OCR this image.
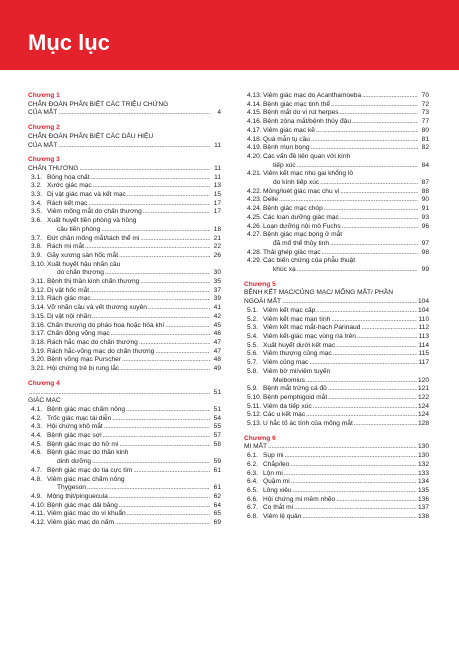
Mục lục
Chương 1
CHẨN ĐOÁN PHÂN BIỆT CÁC TRIỆU CHỨNG
CỦA MẮT .....	4
Chương 2
CHẨN ĐOÁN PHÂN BIỆT CÁC DẤU HIỆU
CỦA MẮT .....	11
Chương 3
CHẤN THƯƠNG .....	11
3.1. Bỏng hóa chất .....	11
3.2. Xước giác mạc .....	13
3.3. Dị vật giác mạc và kết mạc .....	15
3.4. Rách kết mạc .....	17
3.5. Viêm mống mắt do chấn thương .....	17
3.6. Xuất huyết tiền phòng và hồng
cầu tiền phòng .....	18
3.7. Đứt chân mống mắt/tách thể mi .....	21
3.8. Rách mi mắt .....	22
3.9. Gãy xương sàn hốc mắt .....	26
3.10.Xuất huyết hậu nhãn cầu
do chấn thương .....	30
3.11. Bệnh thị thần kinh chấn thương .....	35
3.12.Dị vật hốc mắt .....	37
3.13.Rách giác mạc .....	39
3.14.Vỡ nhãn cầu và vết thương xuyên .....	41
3.15.Dị vật nội nhãn .....	42
3.16.Chấn thương do pháo hoa hoặc hóa khí .....	45
3.17.Chấn động võng mạc .....	46
3.18.Rách hắc mạc do chấn thương .....	47
3.19.Rách hắc-võng mạc do chấn thương .....	47
3.20.Bệnh võng mạc Purscher .....	48
3.21.Hội chứng trẻ bị rung lắc .....	49
Chương 4
.....
51
GIÁC MẠC
4.1. Bệnh giác mạc chấm nông .....	51
4.2. Trốc giác mạc tái diễn .....	54
4.3. Hội chứng khô mắt .....	55
4.4. Bệnh giác mạc sợi .....	57
4.5. Bệnh giác mạc do hở mi .....	58
4.6. Bệnh giác mạc do thần kinh
dinh dưỡng .....	59
4.7. Bệnh giác mạc do tia cực tím .....	61
4.8. Viêm giác mạc chấm nông
Thygeson .....	61
4.9. Mộng thịt/pinguecula .....	62
4.10.Bệnh giác mạc dải băng .....	64
4.11. Viêm giác mạc do vi khuẩn .....	65
4.12.Viêm giác mạc do nấm .....	69
4.13.Viêm giác mạc do Acanthamoeba .....	70
4.14.Bệnh giác mạc tinh thể .....	72
4.15.Bệnh mắt do vi rút herpes .....	73
4.16.Bệnh zôna mắt/bệnh thủy đậu .....	77
4.17.Viêm giác mạc kẽ .....	80
4.18.Quá mẫn tụ cầu .....	81
4.19.Bệnh mụn bọng .....	82
4.20.Các vấn đề liên quan với kính
tiếp xúc .....	84
4.21.Viêm kết mạc nhú gai khổng lồ
do kính tiếp xúc .....	87
4.22.Mỏng/loét giác mạc chu vi .....	88
4.23.Delle .....	90
4.24.Bệnh giác mạc chóp .....	91
4.25.Các loạn dưỡng giác mạc .....	93
4.26.Loạn dưỡng nội mô Fuchs .....	96
4.27.Bệnh giác mạc bọng ở mắt
đã mổ thể thủy tinh .....	97
4.28.Thải ghép giác mạc .....	98
4.29.Các biến chứng của phẫu thuật
khúc xạ .....	99
Chương 5
BỆNH KẾT MẠC/CỦNG MẠC/ MỐNG MẮT/ PHẦN
NGOÀI MẮT .....	104
5.1. Viêm kết mạc cấp .....	104
5.2. Viêm kết mạc mạn tính .....	110
5.3. Viêm kết mạc mắt-hạch Parinaud .....	112
5.4. Viêm kết-giác mạc vùng rìa trên .....	113
5.5. Xuất huyết dưới kết mạc .....	114
5.6. Viêm thượng củng mạc .....	115
5.7. Viêm củng mạc .....	117
5.8. Viêm bờ mi/viêm tuyến
Meibomius .....	120
5.9. Bệnh mắt trứng cá đỏ .....	121
5.10.Bệnh pemphigoid mắt .....	122
5.11. Viêm da tiếp xúc .....	124
5.12.Các u kết mạc .....	124
5.13.U hắc tố ác tính của mống mắt .....	128
Chương 6
MI MẮT .....	130
6.1. Sụp mi .....	130
6.2. Chắp/lẹo .....	132
6.3. Lộn mi .....	133
6.4. Quặm mi .....	134
6.5. Lông xiêu .....	135
6.6. Hội chứng mi mềm nhẽo .....	136
6.7. Co thắt mi .....	137
6.8. Viêm lệ quản .....	138
